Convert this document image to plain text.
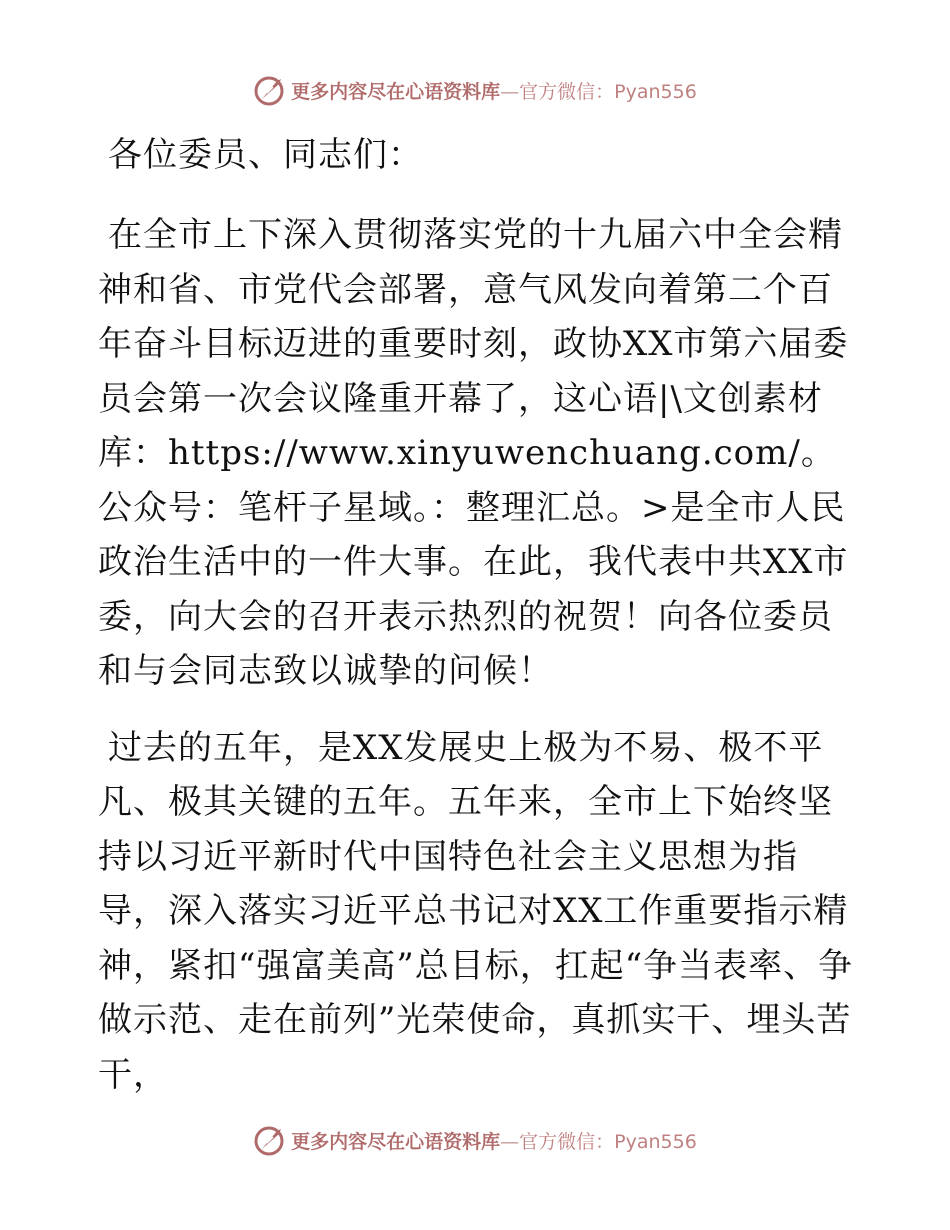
更多内容尽在心语资料库—官方微信：Pyan556
各位委员、同志们：

在全市上下深入贯彻落实党的十九届六中全会精神和省、市党代会部署，意气风发向着第二个百年奋斗目标迈进的重要时刻，政协XX市第六届委员会第一次会议隆重开幕了，这心语|\文创素材库：https://www.xinyuwenchuang.com/。公众号：笔杆子星域。：整理汇总。>是全市人民政治生活中的一件大事。在此，我代表中共XX市委，向大会的召开表示热烈的祝贺！向各位委员和与会同志致以诚挚的问候！

过去的五年，是XX发展史上极为不易、极不平凡、极其关键的五年。五年来，全市上下始终坚持以习近平新时代中国特色社会主义思想为指导，深入落实习近平总书记对XX工作重要指示精神，紧扣“强富美高”总目标，扛起“争当表率、争做示范、走在前列”光荣使命，真抓实干、埋头苦干，

更多内容尽在心语资料库—官方微信：Pyan556
